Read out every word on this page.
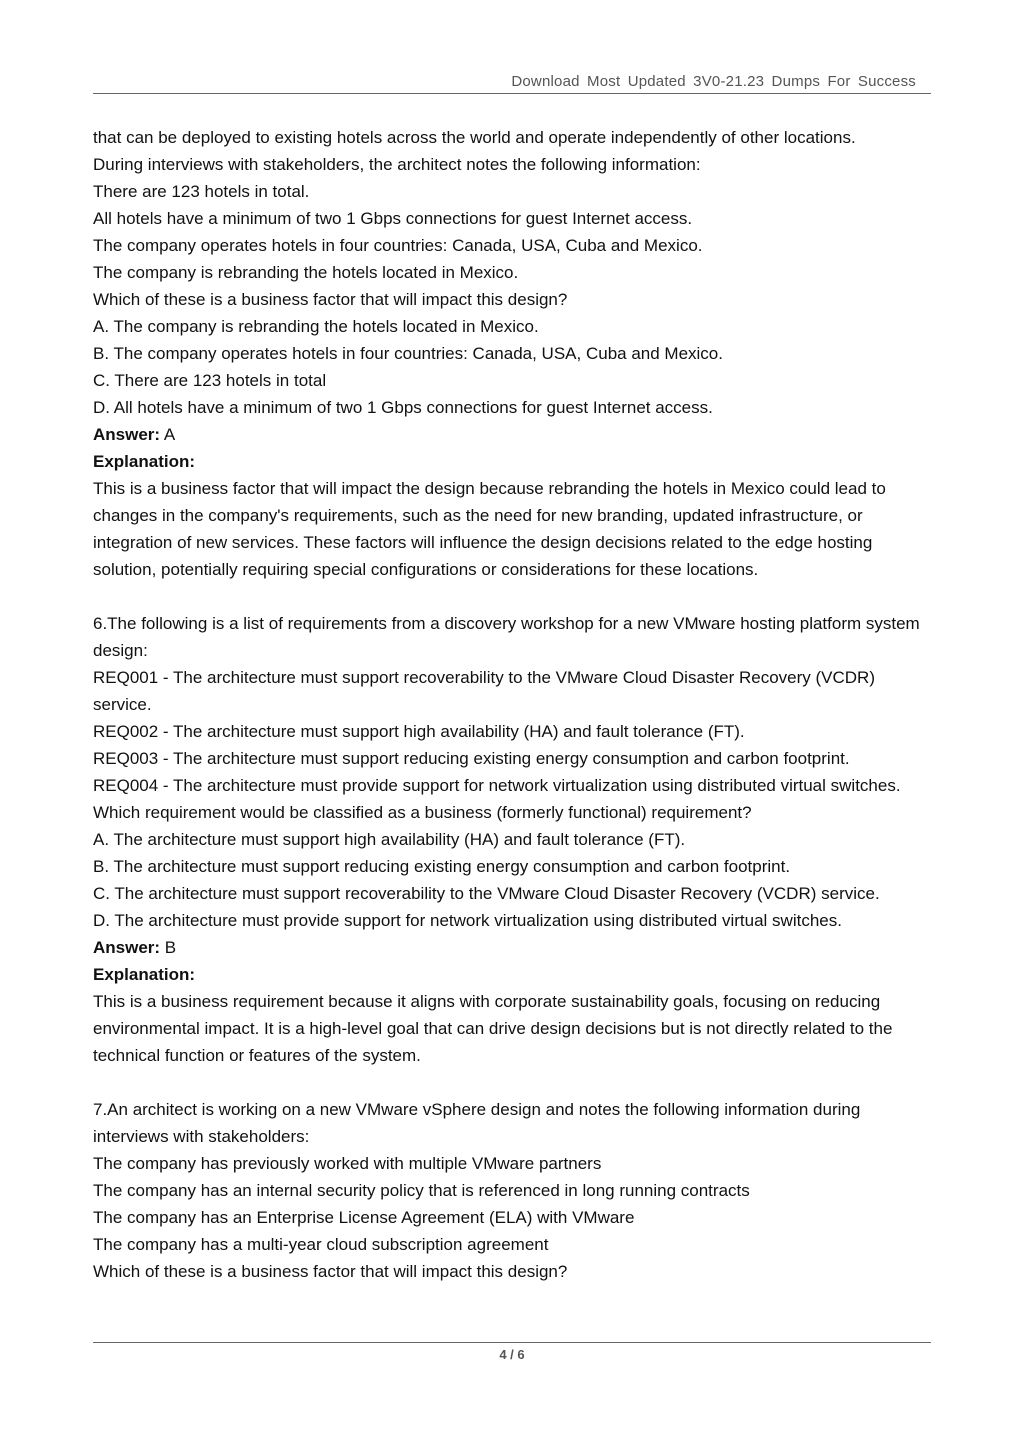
Download Most Updated 3V0-21.23 Dumps For Success

that can be deployed to existing hotels across the world and operate independently of other locations.

During interviews with stakeholders, the architect notes the following information:

There are 123 hotels in total.

All hotels have a minimum of two 1 Gbps connections for guest Internet access.

The company operates hotels in four countries: Canada, USA, Cuba and Mexico.

The company is rebranding the hotels located in Mexico.

Which of these is a business factor that will impact this design?

A. The company is rebranding the hotels located in Mexico.

B. The company operates hotels in four countries: Canada, USA, Cuba and Mexico.

C. There are 123 hotels in total

D. All hotels have a minimum of two 1 Gbps connections for guest Internet access.

Answer: A

Explanation:

This is a business factor that will impact the design because rebranding the hotels in Mexico could lead to changes in the company's requirements, such as the need for new branding, updated infrastructure, or integration of new services. These factors will influence the design decisions related to the edge hosting solution, potentially requiring special configurations or considerations for these locations.

6.The following is a list of requirements from a discovery workshop for a new VMware hosting platform system design:

REQ001 - The architecture must support recoverability to the VMware Cloud Disaster Recovery (VCDR) service.

REQ002 - The architecture must support high availability (HA) and fault tolerance (FT).

REQ003 - The architecture must support reducing existing energy consumption and carbon footprint.

REQ004 - The architecture must provide support for network virtualization using distributed virtual switches.

Which requirement would be classified as a business (formerly functional) requirement?

A. The architecture must support high availability (HA) and fault tolerance (FT).

B. The architecture must support reducing existing energy consumption and carbon footprint.

C. The architecture must support recoverability to the VMware Cloud Disaster Recovery (VCDR) service.

D. The architecture must provide support for network virtualization using distributed virtual switches.

Answer: B

Explanation:

This is a business requirement because it aligns with corporate sustainability goals, focusing on reducing environmental impact. It is a high-level goal that can drive design decisions but is not directly related to the technical function or features of the system.

7.An architect is working on a new VMware vSphere design and notes the following information during interviews with stakeholders:

The company has previously worked with multiple VMware partners

The company has an internal security policy that is referenced in long running contracts

The company has an Enterprise License Agreement (ELA) with VMware

The company has a multi-year cloud subscription agreement

Which of these is a business factor that will impact this design?

4 / 6
